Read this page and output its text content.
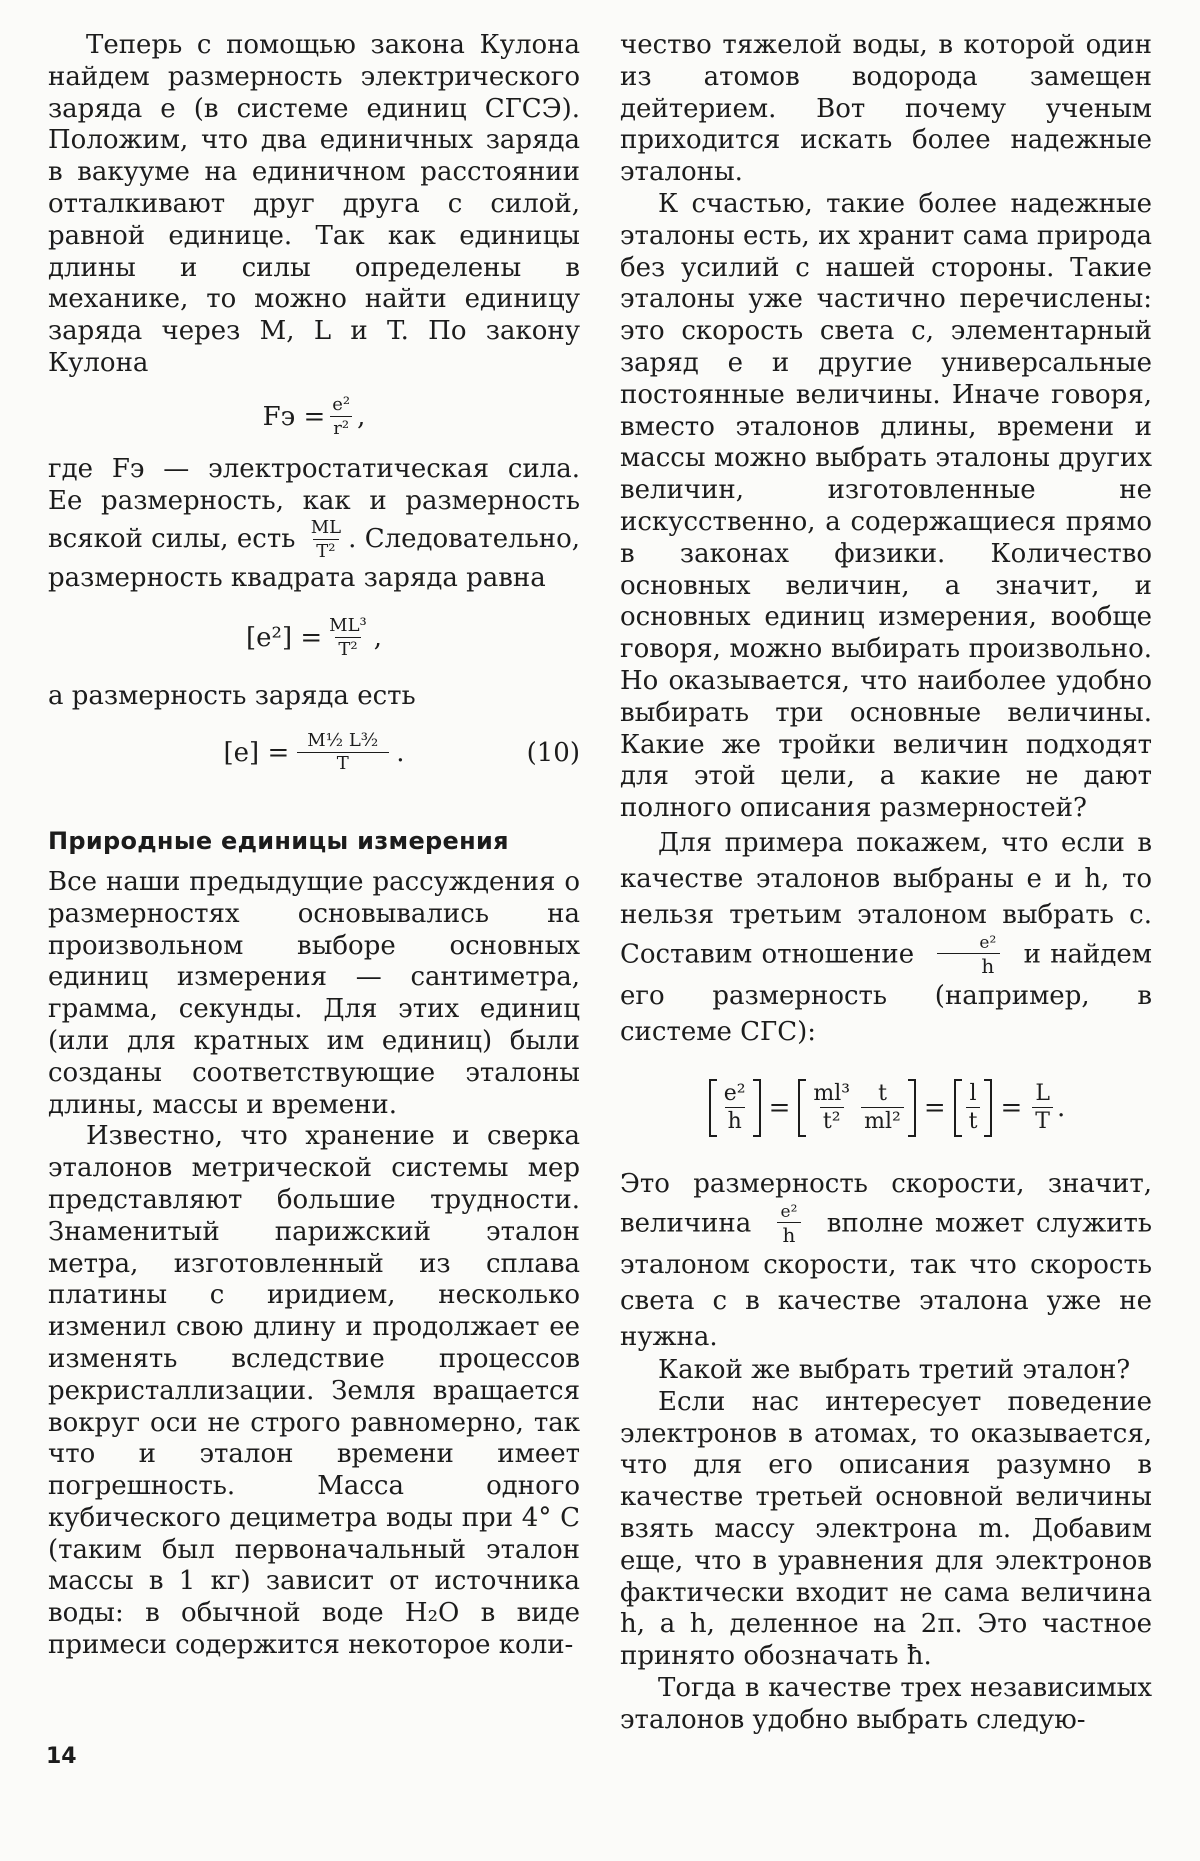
Теперь с помощью закона Кулона найдем размерность электрического заряда e (в системе единиц СГСЭ). Положим, что два единичных заряда в вакууме на единичном расстоянии отталкивают друг друга с силой, равной единице. Так как единицы длины и силы определены в механике, то можно найти единицу заряда через M, L и T. По закону Кулона

Fэ = $\frac{\text{e²}}{\text{r²}}$ ,

где Fэ — электростатическая сила. Ее размерность, как и размерность всякой силы, есть $\frac{ML}{\text{T²}}$ . Следовательно, размерность квадрата заряда равна

$[e^2] = \frac{\text{ML³}}{\text{T²}}$ ,

а размерность заряда есть

$[e] = \frac{\text{M½ L³⁄₂}}{T}$ .	(10)
Природные единицы измерения

Все наши предыдущие рассуждения о размерностях основывались на произвольном выборе основных единиц измерения — сантиметра, грамма, секунды. Для этих единиц (или для кратных им единиц) были созданы соответствующие эталоны длины, массы и времени.

Известно, что хранение и сверка эталонов метрической системы мер представляют большие трудности. Знаменитый парижский эталон метра, изготовленный из сплава платины с иридием, несколько изменил свою длину и продолжает ее изменять вследствие процессов рекристаллизации. Земля вращается вокруг оси не строго равномерно, так что и эталон времени имеет погрешность. Масса одного кубического дециметра воды при 4° С (таким был первоначальный эталон массы в 1 кг) зависит от источника воды: в обычной воде H₂O в виде примеси содержится некоторое коли-

чество тяжелой воды, в которой один из атомов водорода замещен дейтерием. Вот почему ученым приходится искать более надежные эталоны.

К счастью, такие более надежные эталоны есть, их хранит сама природа без усилий с нашей стороны. Такие эталоны уже частично перечислены: это скорость света c, элементарный заряд e и другие универсальные постоянные величины. Иначе говоря, вместо эталонов длины, времени и массы можно выбрать эталоны других величин, изготовленные не искусственно, а содержащиеся прямо в законах физики. Количество основных величин, а значит, и основных единиц измерения, вообще говоря, можно выбирать произвольно. Но оказывается, что наиболее удобно выбирать три основные величины. Какие же тройки величин подходят для этой цели, а какие не дают полного описания размерностей?

Для примера покажем, что если в качестве эталонов выбраны e и h, то нельзя третьим эталоном выбрать c. Составим отношение $\frac{\text{e²}}{h}$ и найдем его размерность (например, в системе СГС):

$\frac{\text{e²}}{h} = \frac{\text{ml³}}{\text{t²}} \frac{t}{\text{ml²}} = \frac{l}{t} = \frac{L}{T}$ .

Это размерность скорости, значит, величина $\frac{\text{e²}}{h}$ вполне может служить эталоном скорости, так что скорость света c в качестве эталона уже не нужна.

Какой же выбрать третий эталон?

Если нас интересует поведение электронов в атомах, то оказывается, что для его описания разумно в качестве третьей основной величины взять массу электрона m. Добавим еще, что в уравнения для электронов фактически входит не сама величина h, а h, деленное на 2π. Это частное принято обозначать ħ.

Тогда в качестве трех независимых эталонов удобно выбрать следую-

14
